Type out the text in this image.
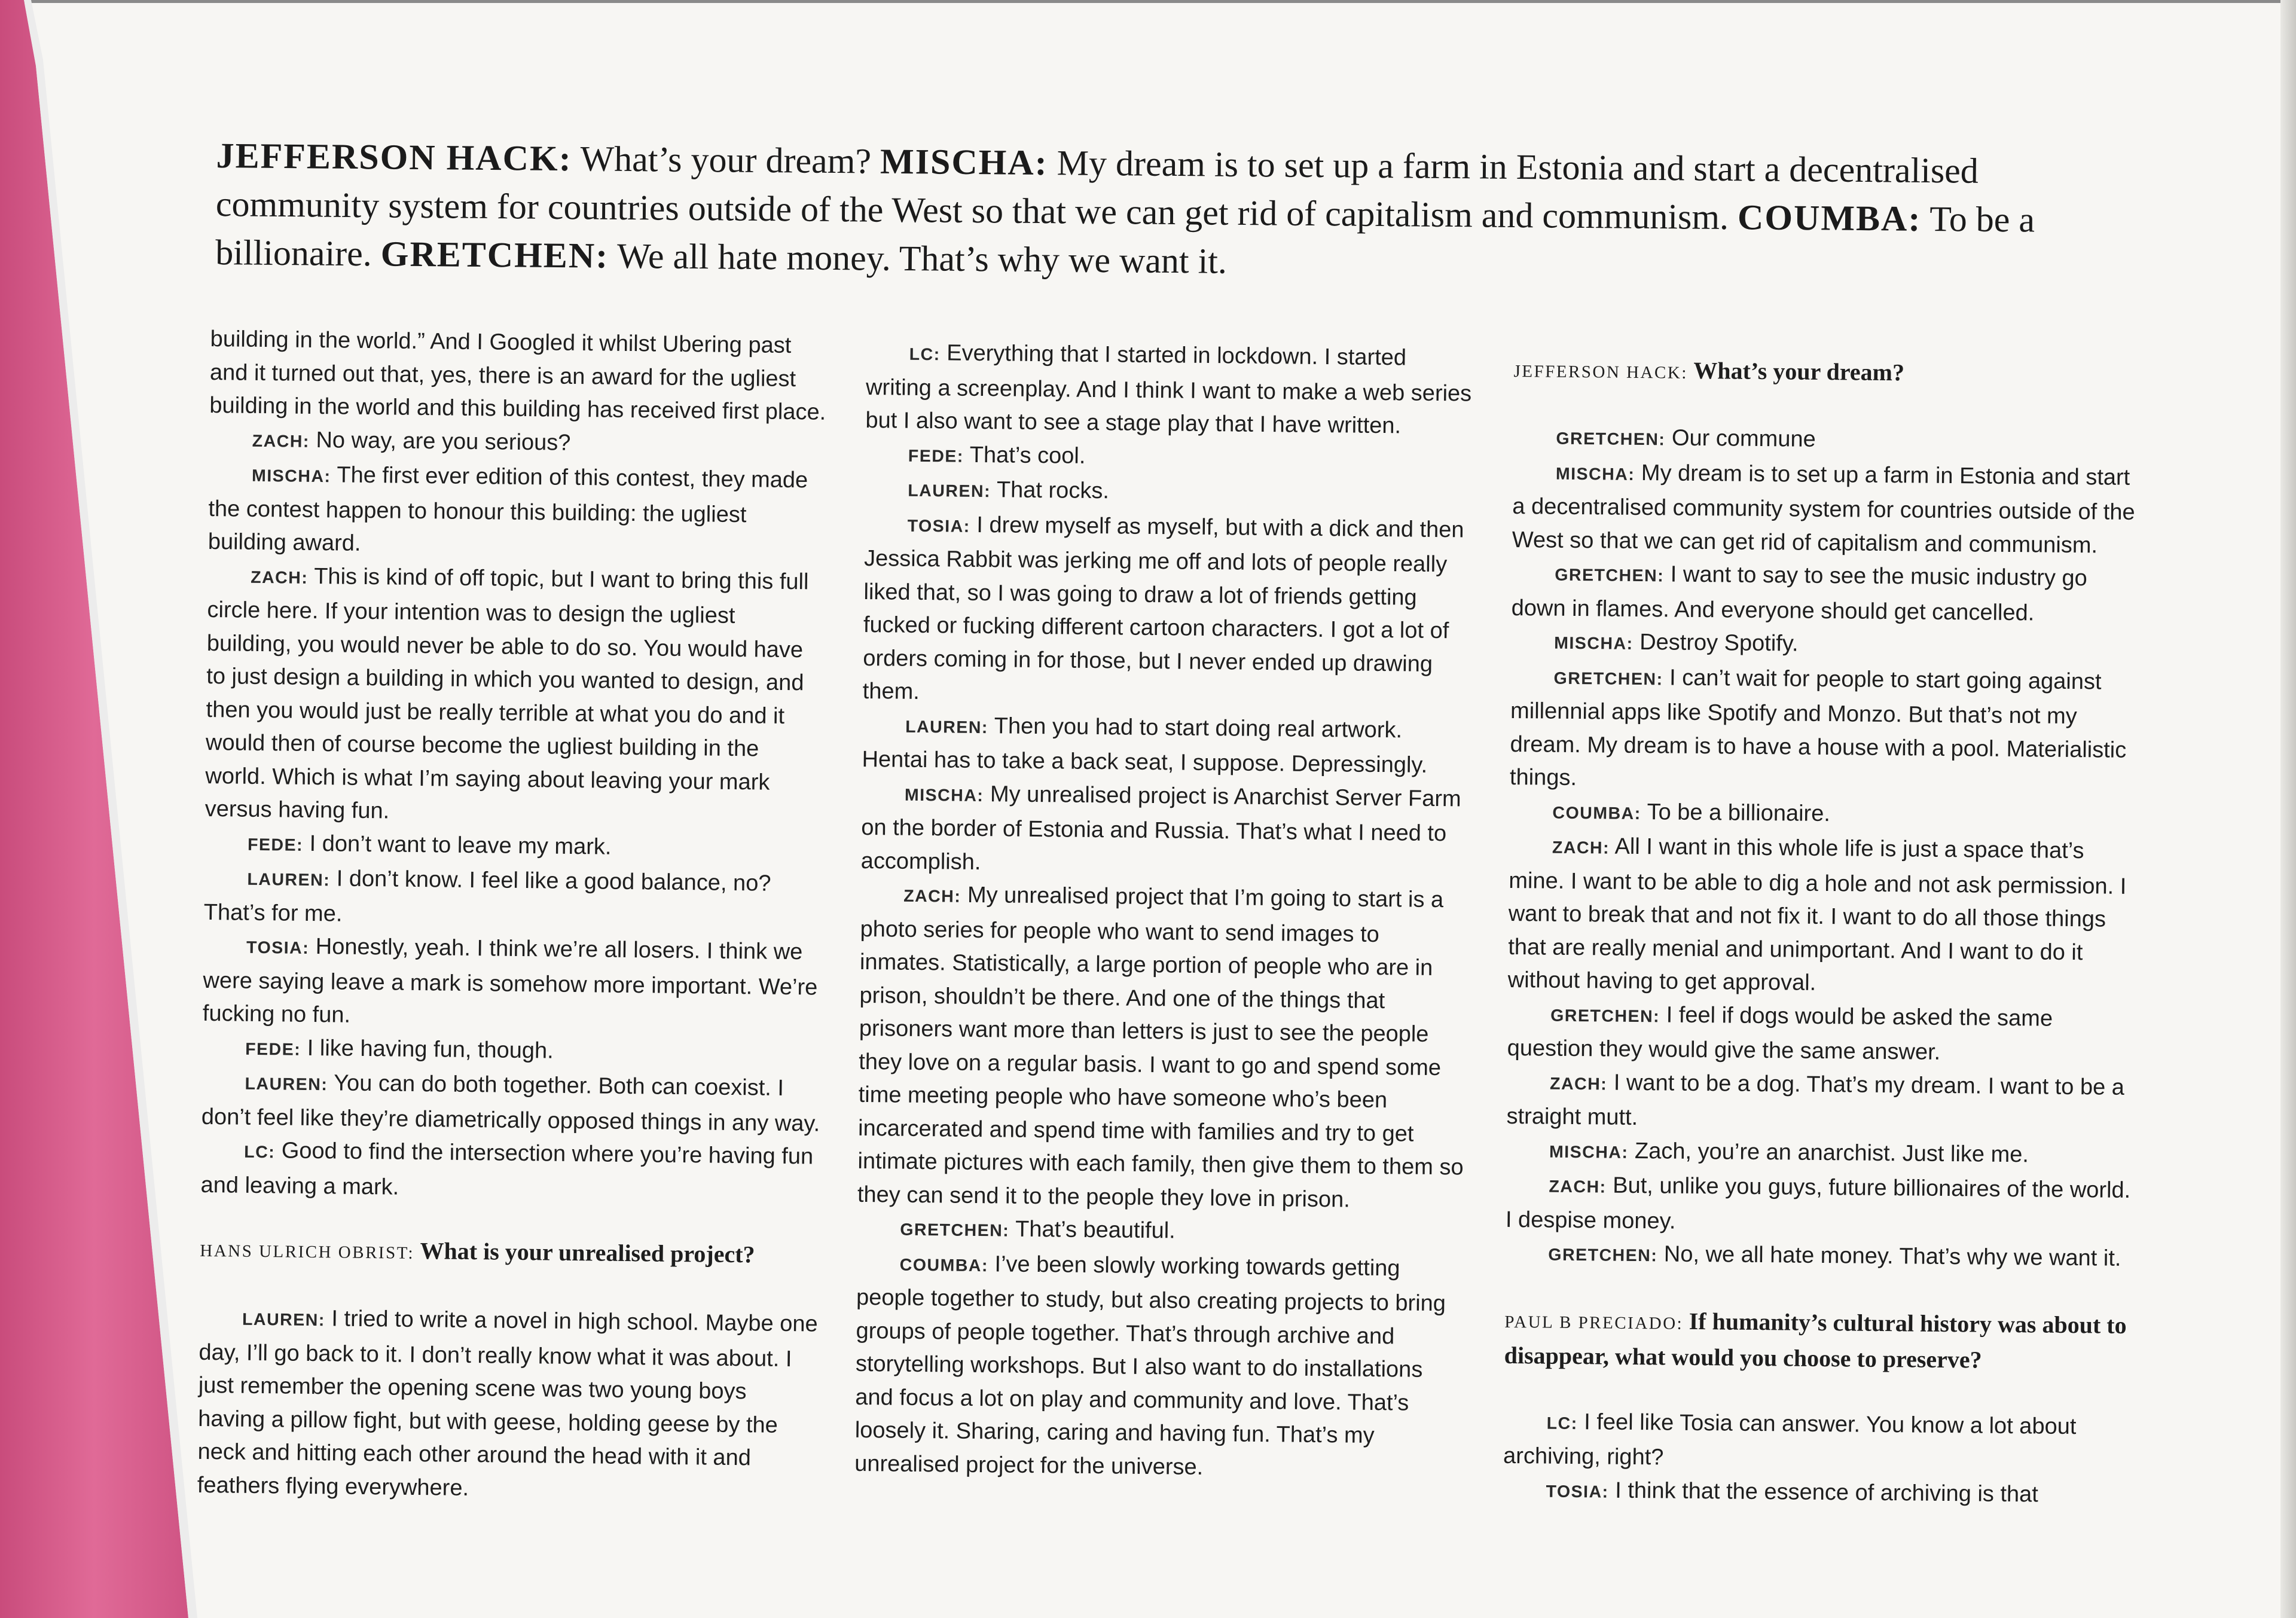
JEFFERSON HACK: What’s your dream? MISCHA: My dream is to set up a farm in Estonia and start a decentralised community system for countries outside of the West so that we can get rid of capitalism and communism. COUMBA: To be a billionaire. GRETCHEN: We all hate money. That’s why we want it.

building in the world.” And I Googled it whilst Ubering past and it turned out that, yes, there is an award for the ugliest building in the world and this building has received first place.

ZACH: No way, are you serious?

MISCHA: The first ever edition of this contest, they made the contest happen to honour this building: the ugliest building award.

ZACH: This is kind of off topic, but I want to bring this full circle here. If your intention was to design the ugliest building, you would never be able to do so. You would have to just design a building in which you wanted to design, and then you would just be really terrible at what you do and it would then of course become the ugliest building in the world. Which is what I’m saying about leaving your mark versus having fun.

FEDE: I don’t want to leave my mark.

LAUREN: I don’t know. I feel like a good balance, no? That’s for me.

TOSIA: Honestly, yeah. I think we’re all losers. I think we were saying leave a mark is somehow more important. We’re fucking no fun.

FEDE: I like having fun, though.

LAUREN: You can do both together. Both can coexist. I don’t feel like they’re diametrically opposed things in any way.

LC: Good to find the intersection where you’re having fun and leaving a mark.

HANS ULRICH OBRIST: What is your unrealised project?

LAUREN: I tried to write a novel in high school. Maybe one day, I’ll go back to it. I don’t really know what it was about. I just remember the opening scene was two young boys having a pillow fight, but with geese, holding geese by the neck and hitting each other around the head with it and feathers flying everywhere.

LC: Everything that I started in lockdown. I started writing a screenplay. And I think I want to make a web series but I also want to see a stage play that I have written.

FEDE: That’s cool.

LAUREN: That rocks.

TOSIA: I drew myself as myself, but with a dick and then Jessica Rabbit was jerking me off and lots of people really liked that, so I was going to draw a lot of friends getting fucked or fucking different cartoon characters. I got a lot of orders coming in for those, but I never ended up drawing them.

LAUREN: Then you had to start doing real artwork. Hentai has to take a back seat, I suppose. Depressingly.

MISCHA: My unrealised project is Anarchist Server Farm on the border of Estonia and Russia. That’s what I need to accomplish.

ZACH: My unrealised project that I’m going to start is a photo series for people who want to send images to inmates. Statistically, a large portion of people who are in prison, shouldn’t be there. And one of the things that prisoners want more than letters is just to see the people they love on a regular basis. I want to go and spend some time meeting people who have someone who’s been incarcerated and spend time with families and try to get intimate pictures with each family, then give them to them so they can send it to the people they love in prison.

GRETCHEN: That’s beautiful.

COUMBA: I’ve been slowly working towards getting people together to study, but also creating projects to bring groups of people together. That’s through archive and storytelling workshops. But I also want to do installations and focus a lot on play and community and love. That’s loosely it. Sharing, caring and having fun. That’s my unrealised project for the universe.

JEFFERSON HACK: What’s your dream?

GRETCHEN: Our commune

MISCHA: My dream is to set up a farm in Estonia and start a decentralised community system for countries outside of the West so that we can get rid of capitalism and communism.

GRETCHEN: I want to say to see the music industry go down in flames. And everyone should get cancelled.

MISCHA: Destroy Spotify.

GRETCHEN: I can’t wait for people to start going against millennial apps like Spotify and Monzo. But that’s not my dream. My dream is to have a house with a pool. Materialistic things.

COUMBA: To be a billionaire.

ZACH: All I want in this whole life is just a space that’s mine. I want to be able to dig a hole and not ask permission. I want to break that and not fix it. I want to do all those things that are really menial and unimportant. And I want to do it without having to get approval.

GRETCHEN: I feel if dogs would be asked the same question they would give the same answer.

ZACH: I want to be a dog. That’s my dream. I want to be a straight mutt.

MISCHA: Zach, you’re an anarchist. Just like me.

ZACH: But, unlike you guys, future billionaires of the world. I despise money.

GRETCHEN: No, we all hate money. That’s why we want it.

PAUL B PRECIADO: If humanity’s cultural history was about to disappear, what would you choose to preserve?

LC: I feel like Tosia can answer. You know a lot about archiving, right?

TOSIA: I think that the essence of archiving is that
